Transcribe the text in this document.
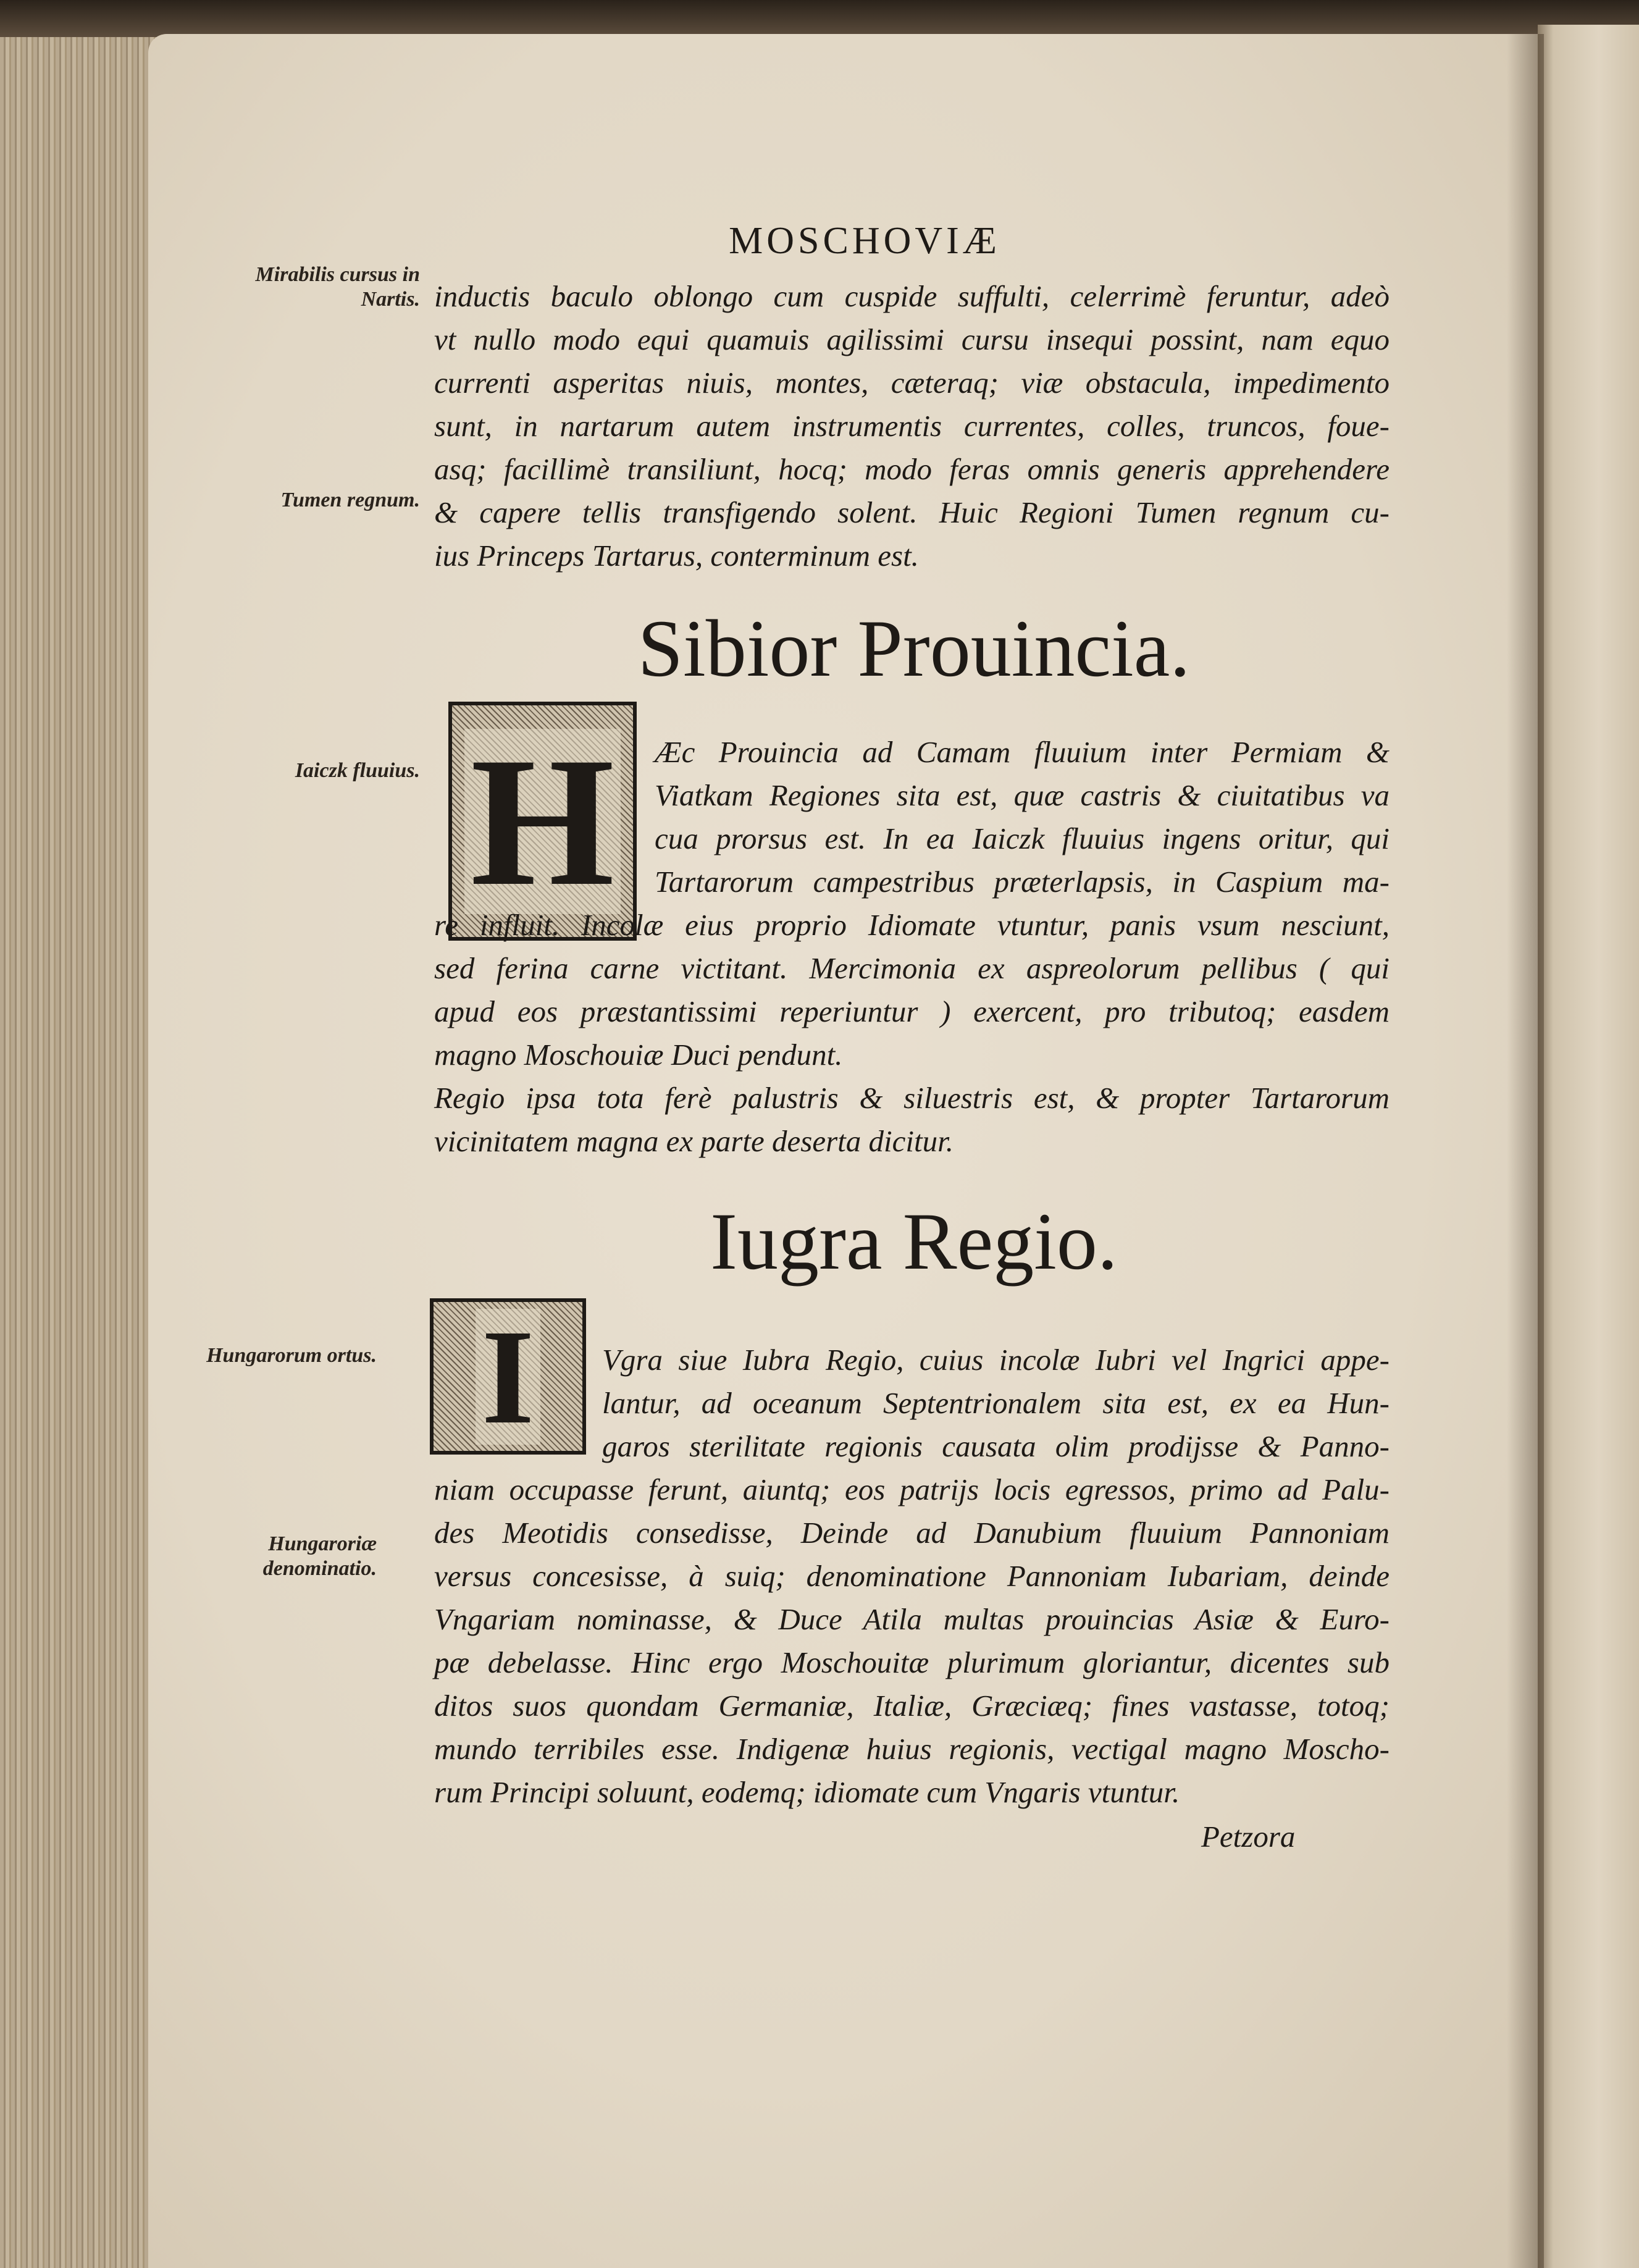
MOSCHOVIÆ
Mirabilis cursus in Nartis.
Tumen regnum.
Iaiczk fluuius.
Hungarorum ortus.
Hungaroriæ denominatio.
inductis baculo oblongo cum cuspide suffulti, celerrimè feruntur, adeò
vt nullo modo equi quamuis agilissimi cursu insequi possint, nam equo
currenti asperitas niuis, montes, cæteraq; viæ obstacula, impedimento
sunt, in nartarum autem instrumentis currentes, colles, truncos, foue-
asq; facillimè transiliunt, hocq; modo feras omnis generis apprehendere
& capere tellis transfigendo solent. Huic Regioni Tumen regnum cu-
ius Princeps Tartarus, conterminum est.
Sibior Prouincia.
H Æc Prouincia ad Camam fluuium inter Permiam &
Viatkam Regiones sita est, quæ castris & ciuitatibus va
cua prorsus est. In ea Iaiczk fluuius ingens oritur, qui
Tartarorum campestribus præterlapsis, in Caspium ma-
re influit. Incolæ eius proprio Idiomate vtuntur, panis vsum nesciunt,
sed ferina carne victitant. Mercimonia ex aspreolorum pellibus ( qui
apud eos præstantissimi reperiuntur ) exercent, pro tributoq; easdem
magno Moschouiæ Duci pendunt.
Regio ipsa tota ferè palustris & siluestris est, & propter Tartarorum
vicinitatem magna ex parte deserta dicitur.
Iugra Regio.
I Vgra siue Iubra Regio, cuius incolæ Iubri vel Ingrici appe-
lantur, ad oceanum Septentrionalem sita est, ex ea Hun-
garos sterilitate regionis causata olim prodijsse & Panno-
niam occupasse ferunt, aiuntq; eos patrijs locis egressos, primo ad Palu-
des Meotidis consedisse, Deinde ad Danubium fluuium Pannoniam
versus concesisse, à suiq; denominatione Pannoniam Iubariam, deinde
Vngariam nominasse, & Duce Atila multas prouincias Asiæ & Euro-
pæ debelasse. Hinc ergo Moschouitæ plurimum gloriantur, dicentes sub
ditos suos quondam Germaniæ, Italiæ, Græciæq; fines vastasse, totoq;
mundo terribiles esse. Indigenæ huius regionis, vectigal magno Moscho-
rum Principi soluunt, eodemq; idiomate cum Vngaris vtuntur.
Petzora
